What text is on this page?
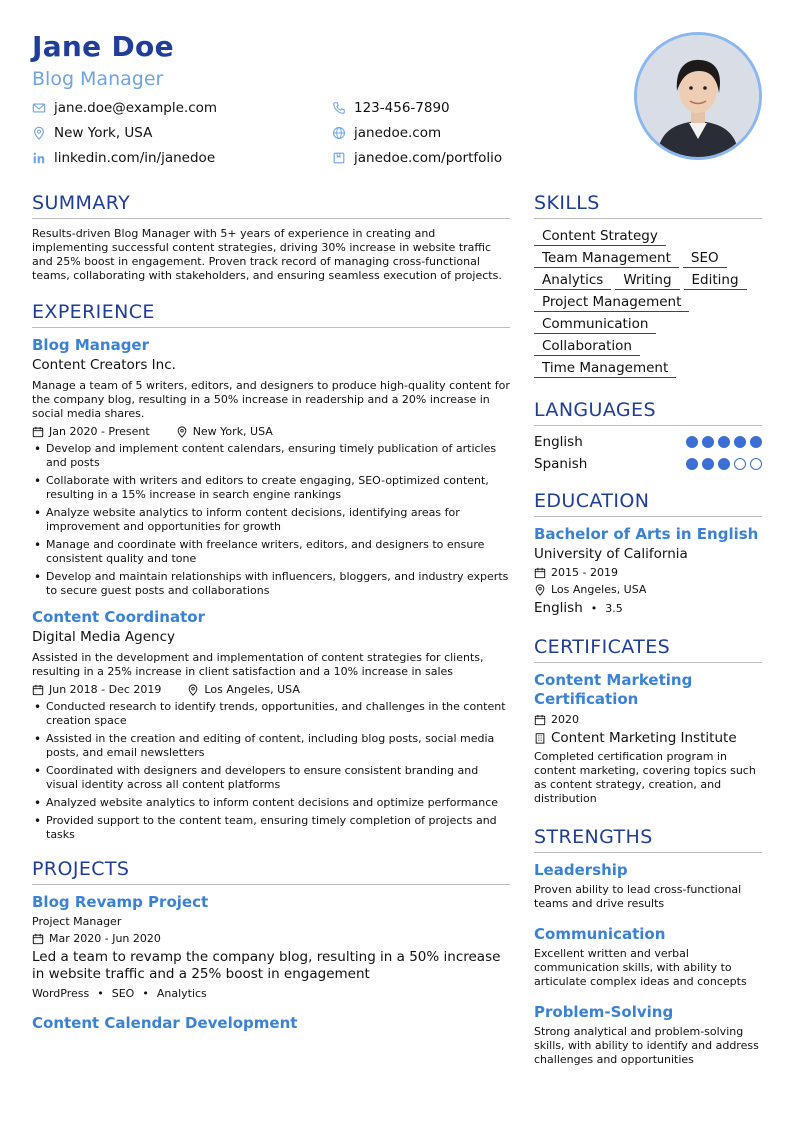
Jane Doe
Blog Manager
jane.doe@example.com	123-456-7890
New York, USA	janedoe.com
linkedin.com/in/janedoe	janedoe.com/portfolio
SUMMARY
Results-driven Blog Manager with 5+ years of experience in creating and implementing successful content strategies, driving 30% increase in website traffic and 25% boost in engagement. Proven track record of managing cross-functional teams, collaborating with stakeholders, and ensuring seamless execution of projects.
EXPERIENCE
Blog Manager
Content Creators Inc.
Manage a team of 5 writers, editors, and designers to produce high-quality content for the company blog, resulting in a 50% increase in readership and a 20% increase in social media shares.
Jan 2020 - Present	New York, USA
• Develop and implement content calendars, ensuring timely publication of articles and posts
• Collaborate with writers and editors to create engaging, SEO-optimized content, resulting in a 15% increase in search engine rankings
• Analyze website analytics to inform content decisions, identifying areas for improvement and opportunities for growth
• Manage and coordinate with freelance writers, editors, and designers to ensure consistent quality and tone
• Develop and maintain relationships with influencers, bloggers, and industry experts to secure guest posts and collaborations
Content Coordinator
Digital Media Agency
Assisted in the development and implementation of content strategies for clients, resulting in a 25% increase in client satisfaction and a 10% increase in sales
Jun 2018 - Dec 2019	Los Angeles, USA
• Conducted research to identify trends, opportunities, and challenges in the content creation space
• Assisted in the creation and editing of content, including blog posts, social media posts, and email newsletters
• Coordinated with designers and developers to ensure consistent branding and visual identity across all content platforms
• Analyzed website analytics to inform content decisions and optimize performance
• Provided support to the content team, ensuring timely completion of projects and tasks
PROJECTS
Blog Revamp Project
Project Manager
Mar 2020 - Jun 2020
Led a team to revamp the company blog, resulting in a 50% increase in website traffic and a 25% boost in engagement
WordPress • SEO • Analytics
Content Calendar Development
SKILLS
Content Strategy
Team Management	SEO
Analytics	Writing	Editing
Project Management
Communication
Collaboration
Time Management
LANGUAGES
English
Spanish
EDUCATION
Bachelor of Arts in English
University of California
2015 - 2019
Los Angeles, USA
English • 3.5
CERTIFICATES
Content Marketing Certification
2020
Content Marketing Institute
Completed certification program in content marketing, covering topics such as content strategy, creation, and distribution
STRENGTHS
Leadership
Proven ability to lead cross-functional teams and drive results
Communication
Excellent written and verbal communication skills, with ability to articulate complex ideas and concepts
Problem-Solving
Strong analytical and problem-solving skills, with ability to identify and address challenges and opportunities
